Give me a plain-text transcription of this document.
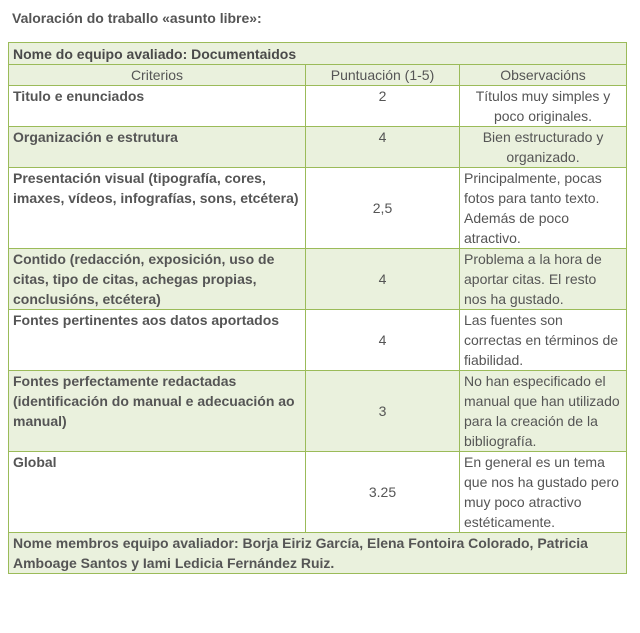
Valoración do traballo «asunto libre»:
Nome do equipo avaliado: Documentaidos		
Criterios	Puntuación (1-5)	Observacións
Titulo e enunciados	2	Títulos muy simples y poco originales.
Organización e estrutura	4	Bien estructurado y organizado.
Presentación visual (tipografía, cores, imaxes, vídeos, infografías, sons, etcétera)	2,5	Principalmente, pocas fotos para tanto texto. Además de poco atractivo.
Contido (redacción, exposición, uso de citas, tipo de citas, achegas propias, conclusións, etcétera)	4	Problema a la hora de aportar citas. El resto nos ha gustado.
Fontes pertinentes aos datos aportados	4	Las fuentes son correctas en términos de fiabilidad.
Fontes perfectamente redactadas (identificación do manual e adecuación ao manual)	3	No han especificado el manual que han utilizado para la creación de la bibliografía.
Global	3.25	En general es un tema que nos ha gustado pero muy poco atractivo estéticamente.
Nome membros equipo avaliador: Borja Eiriz García, Elena Fontoira Colorado, Patricia Amboage Santos y Iami Ledicia Fernández Ruiz.		
